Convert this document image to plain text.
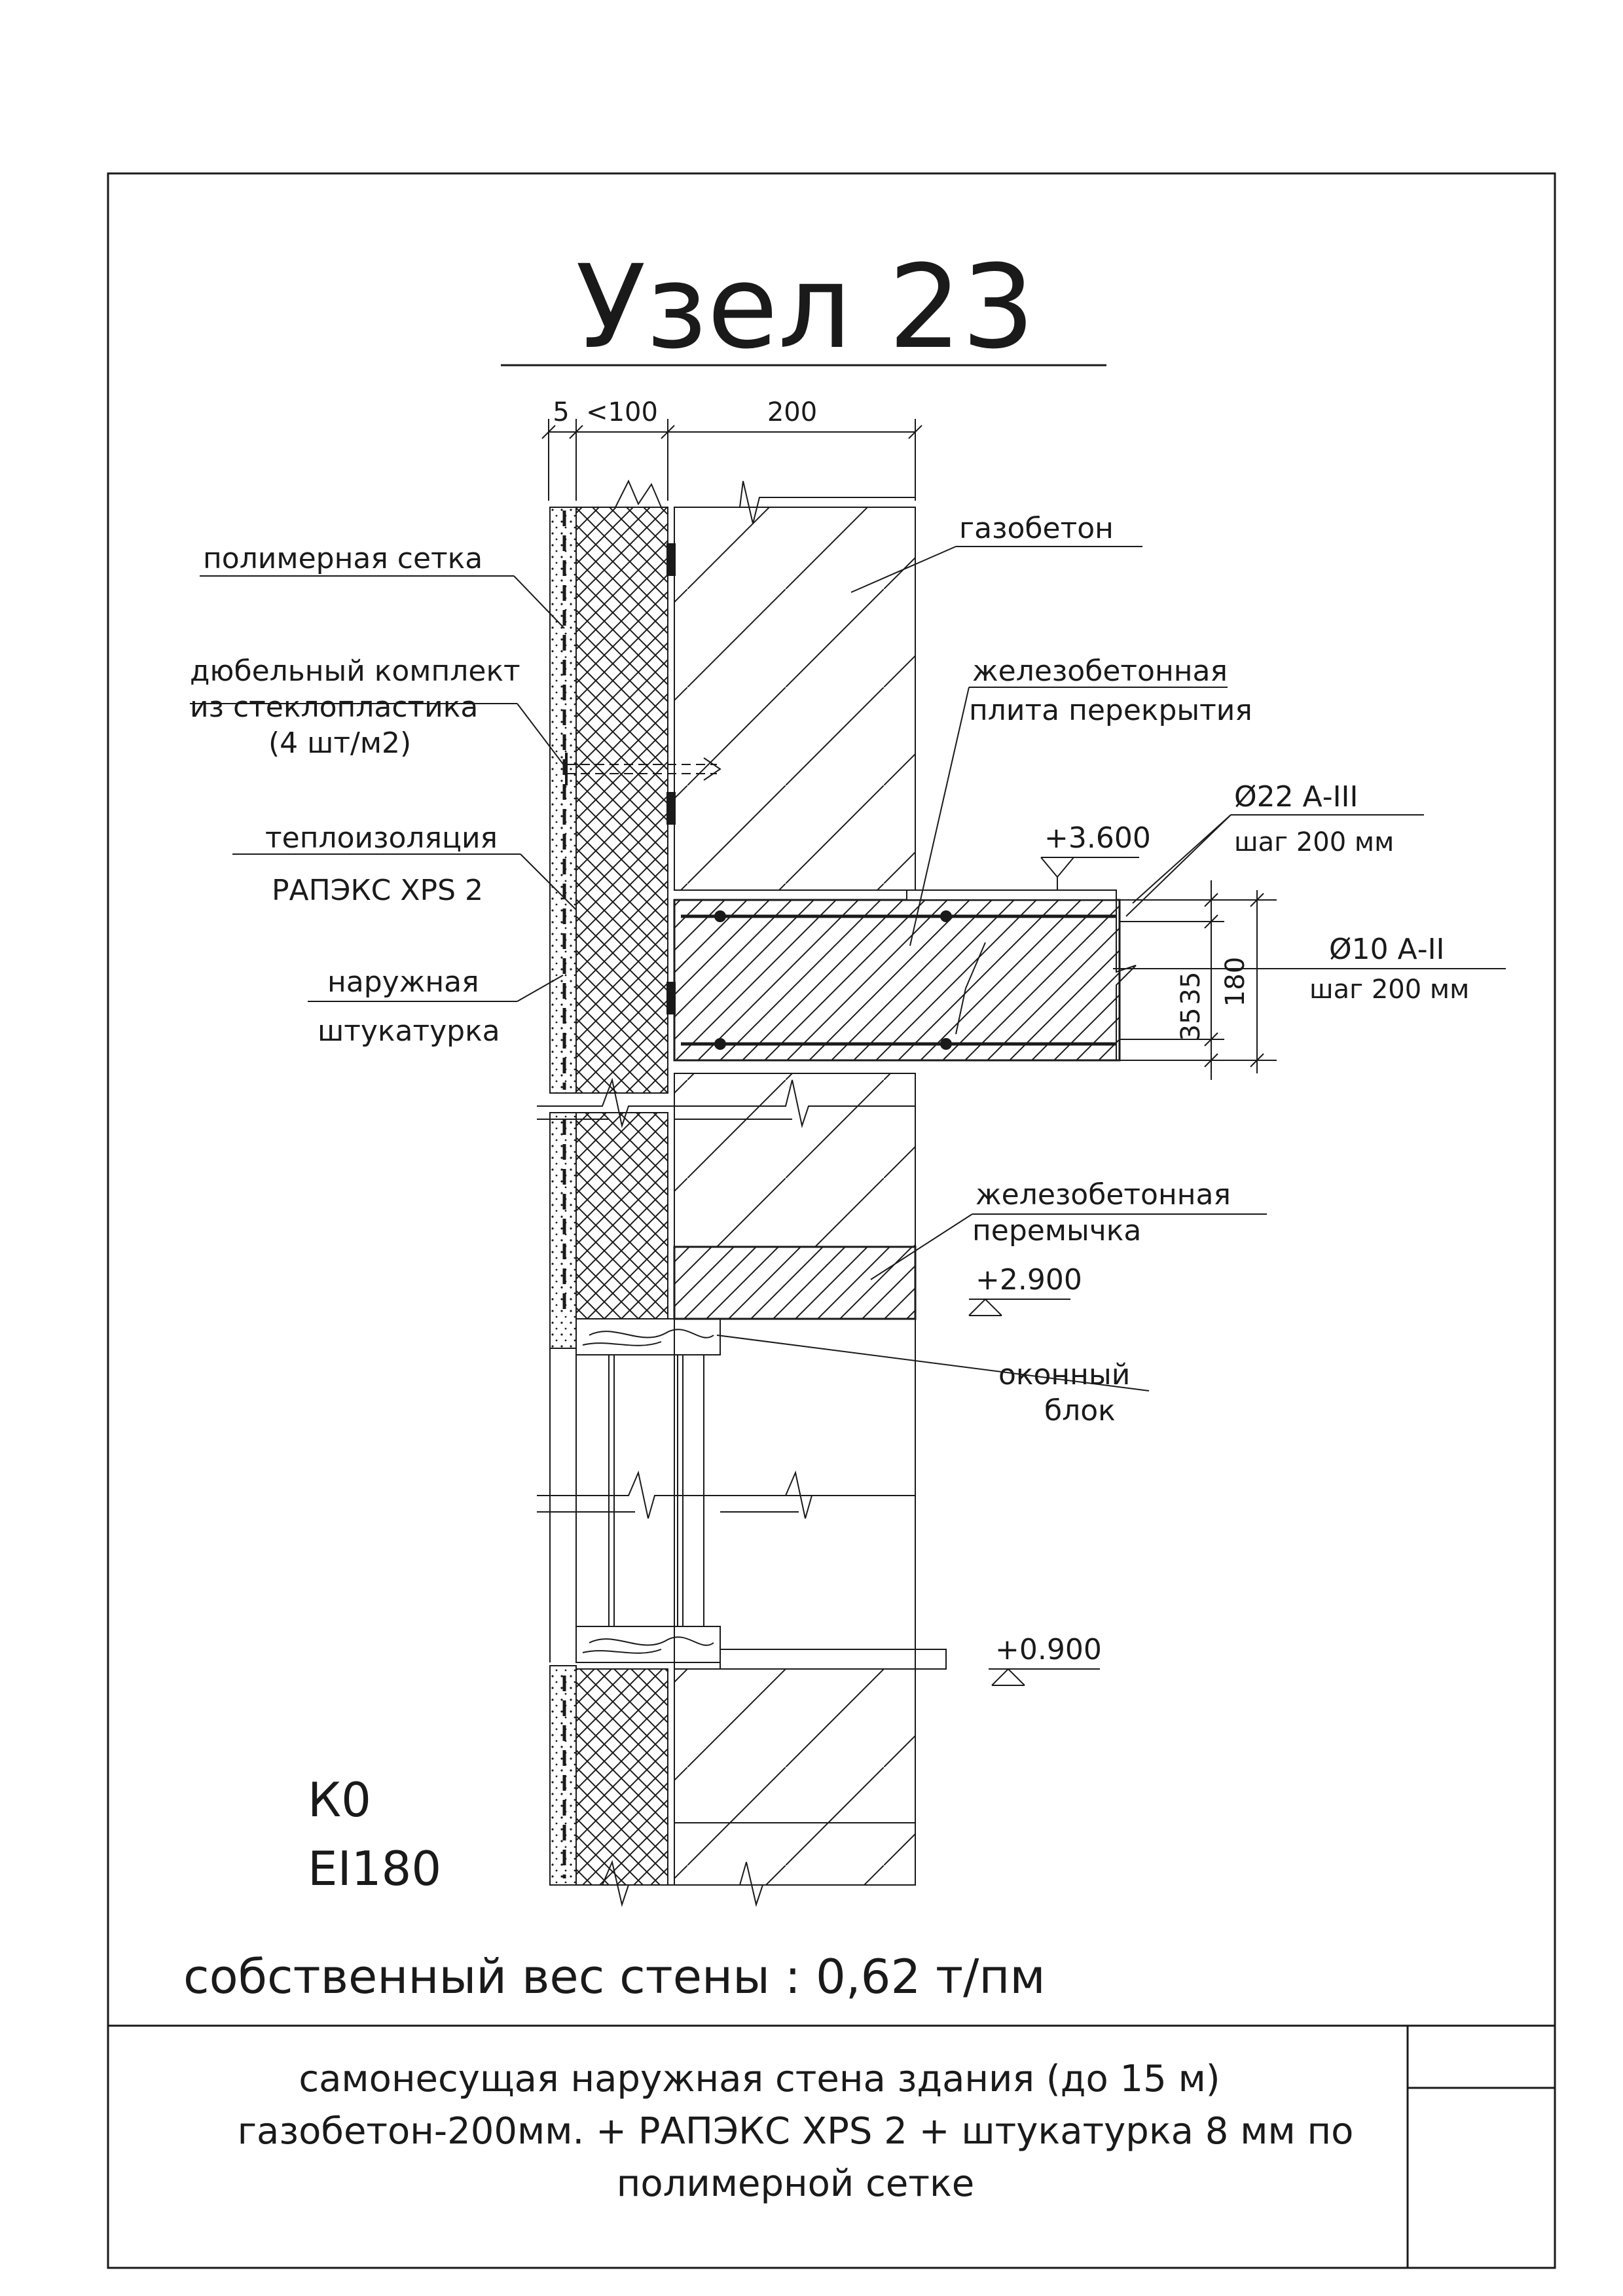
Узел 23
5 <100	200
35
35
180
полимерная сетка
дюбельный комплект
из стеклопластика
(4 шт/м2)
теплоизоляция
РАПЭКС XPS 2
наружная
штукатурка
газобетон
железобетонная
плита перекрытия
Ø22 А-III
шаг 200 мм
Ø10 А-II
шаг 200 мм
железобетонная
перемычка
оконный
блок
+3.600
+2.900
+0.900
К0
EI180
собственный вес стены : 0,62 т/пм
самонесущая наружная стена здания (до 15 м)
газобетон-200мм. + РАПЭКС XPS 2 + штукатурка 8 мм по
полимерной сетке
